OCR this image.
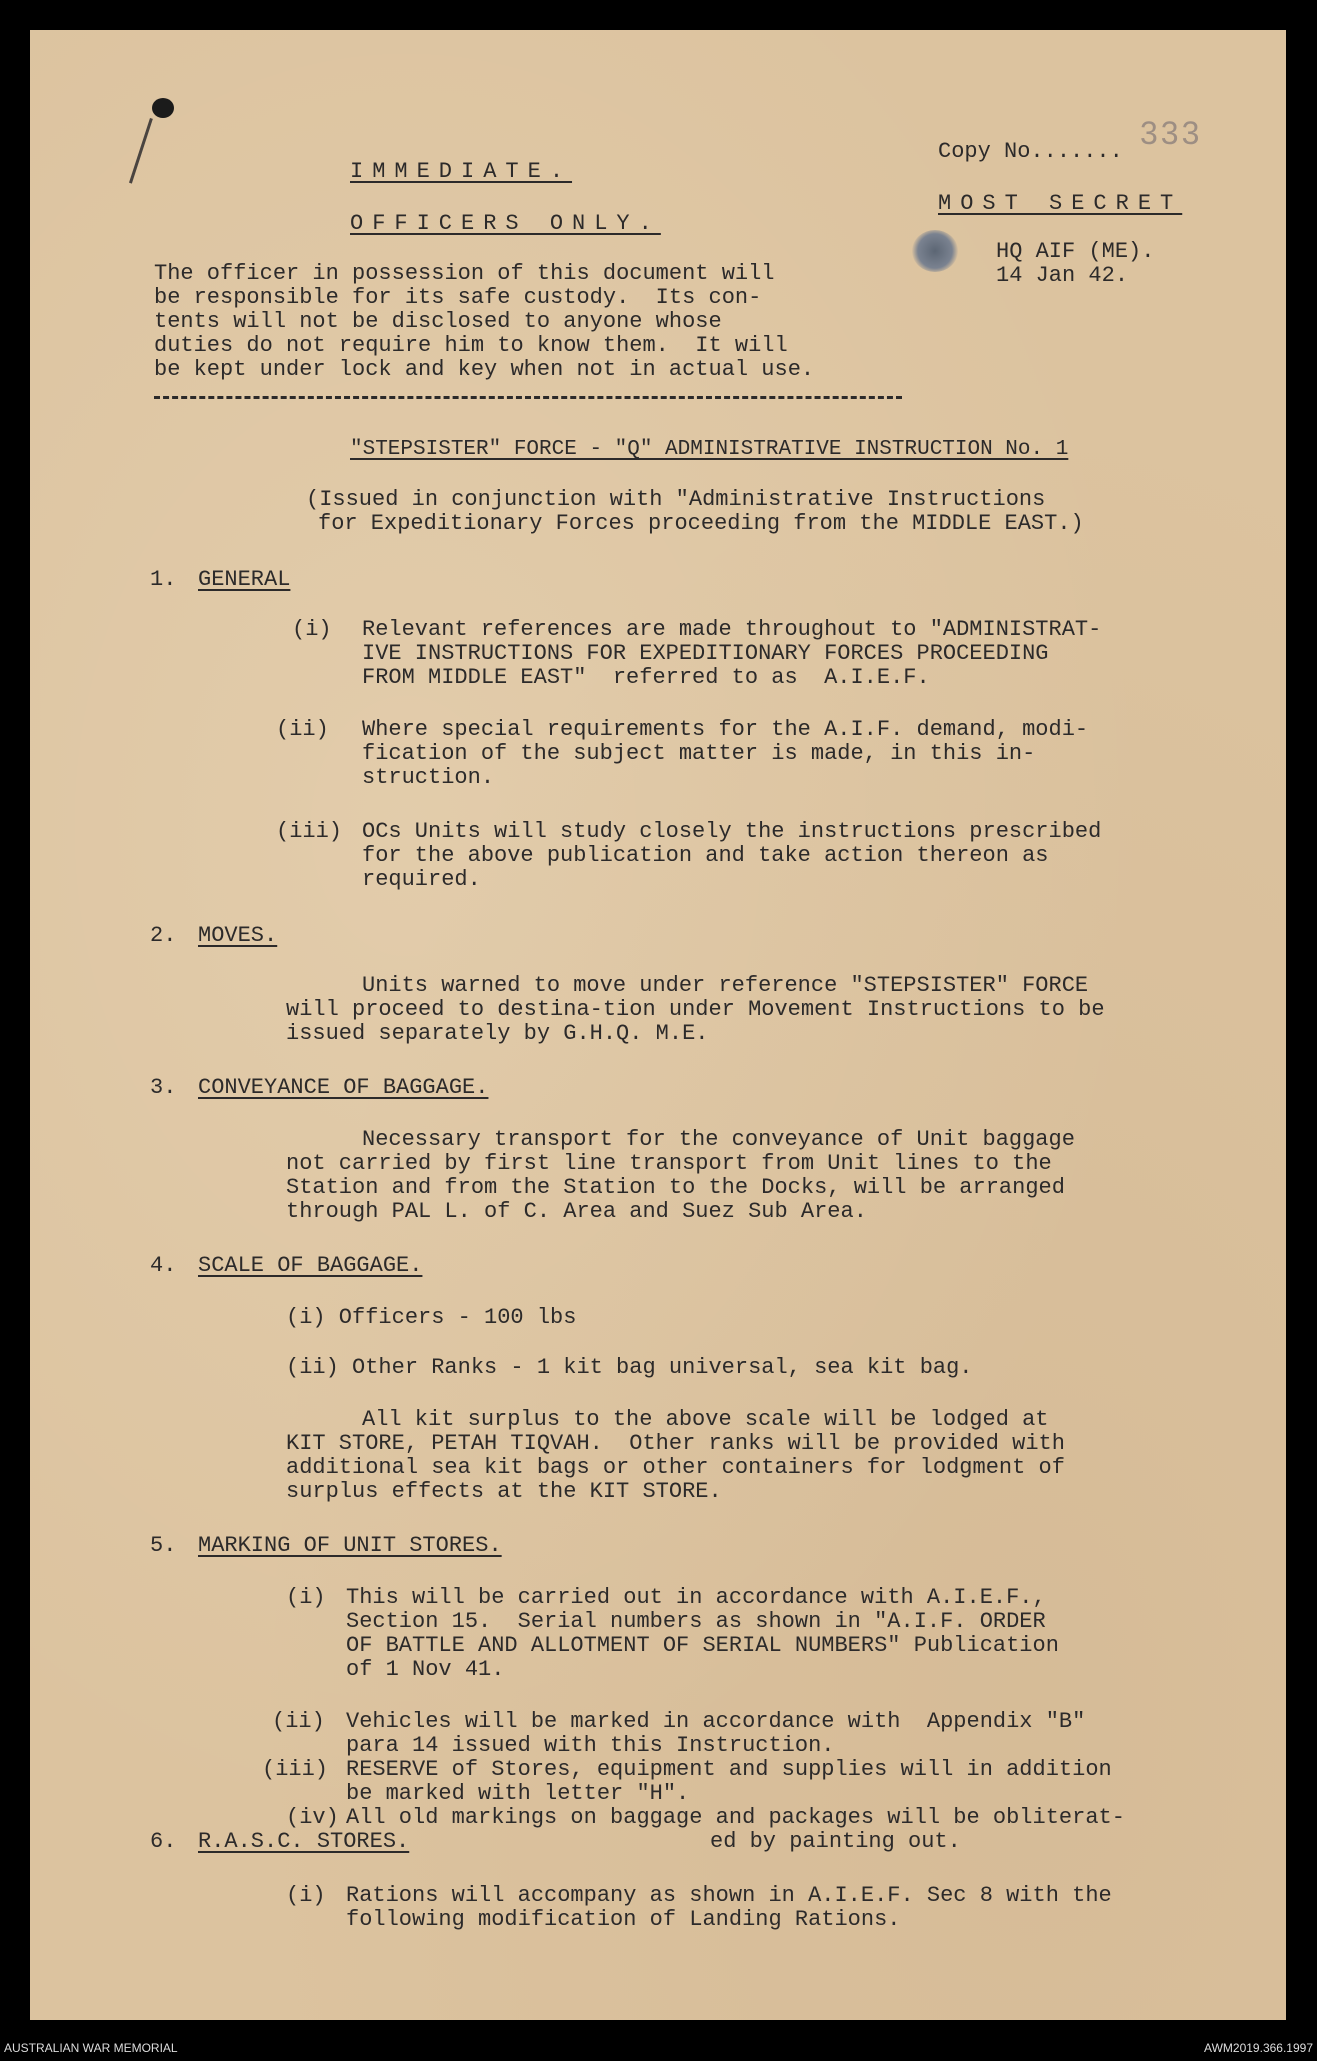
Copy No.......
333
IMMEDIATE.
MOST SECRET
OFFICERS ONLY.
HQ AIF (ME).
14 Jan 42.
The officer in possession of this document will
be responsible for its safe custody.  Its con-
tents will not be disclosed to anyone whose
duties do not require him to know them.  It will
be kept under lock and key when not in actual use.
"STEPSISTER" FORCE - "Q" ADMINISTRATIVE INSTRUCTION No. 1
(Issued in conjunction with "Administrative Instructions
for Expeditionary Forces proceeding from the MIDDLE EAST.)
1. GENERAL
(i) Relevant references are made throughout to "ADMINISTRAT-
IVE INSTRUCTIONS FOR EXPEDITIONARY FORCES PROCEEDING
FROM MIDDLE EAST"  referred to as  A.I.E.F.
(ii) Where special requirements for the A.I.F. demand, modi-
fication of the subject matter is made, in this in-
struction.
(iii) OCs Units will study closely the instructions prescribed
for the above publication and take action thereon as
required.
2. MOVES.
Units warned to move under reference "STEPSISTER" FORCE
will proceed to destina-tion under Movement Instructions to be
issued separately by G.H.Q. M.E.
3. CONVEYANCE OF BAGGAGE.
Necessary transport for the conveyance of Unit baggage
not carried by first line transport from Unit lines to the
Station and from the Station to the Docks, will be arranged
through PAL L. of C. Area and Suez Sub Area.
4. SCALE OF BAGGAGE.
(i) Officers - 100 lbs
(ii) Other Ranks - 1 kit bag universal, sea kit bag.
All kit surplus to the above scale will be lodged at
KIT STORE, PETAH TIQVAH.  Other ranks will be provided with
additional sea kit bags or other containers for lodgment of
surplus effects at the KIT STORE.
5. MARKING OF UNIT STORES.
(i) This will be carried out in accordance with A.I.E.F.,
Section 15.  Serial numbers as shown in "A.I.F. ORDER
OF BATTLE AND ALLOTMENT OF SERIAL NUMBERS" Publication
of 1 Nov 41.
(ii) Vehicles will be marked in accordance with  Appendix "B"
para 14 issued with this Instruction.
(iii) RESERVE of Stores, equipment and supplies will in addition
be marked with letter "H".
(iv) All old markings on baggage and packages will be obliterat-
ed by painting out.
6. R.A.S.C. STORES.
(i) Rations will accompany as shown in A.I.E.F. Sec 8 with the
following modification of Landing Rations.
AUSTRALIAN WAR MEMORIAL	AWM2019.366.1997
